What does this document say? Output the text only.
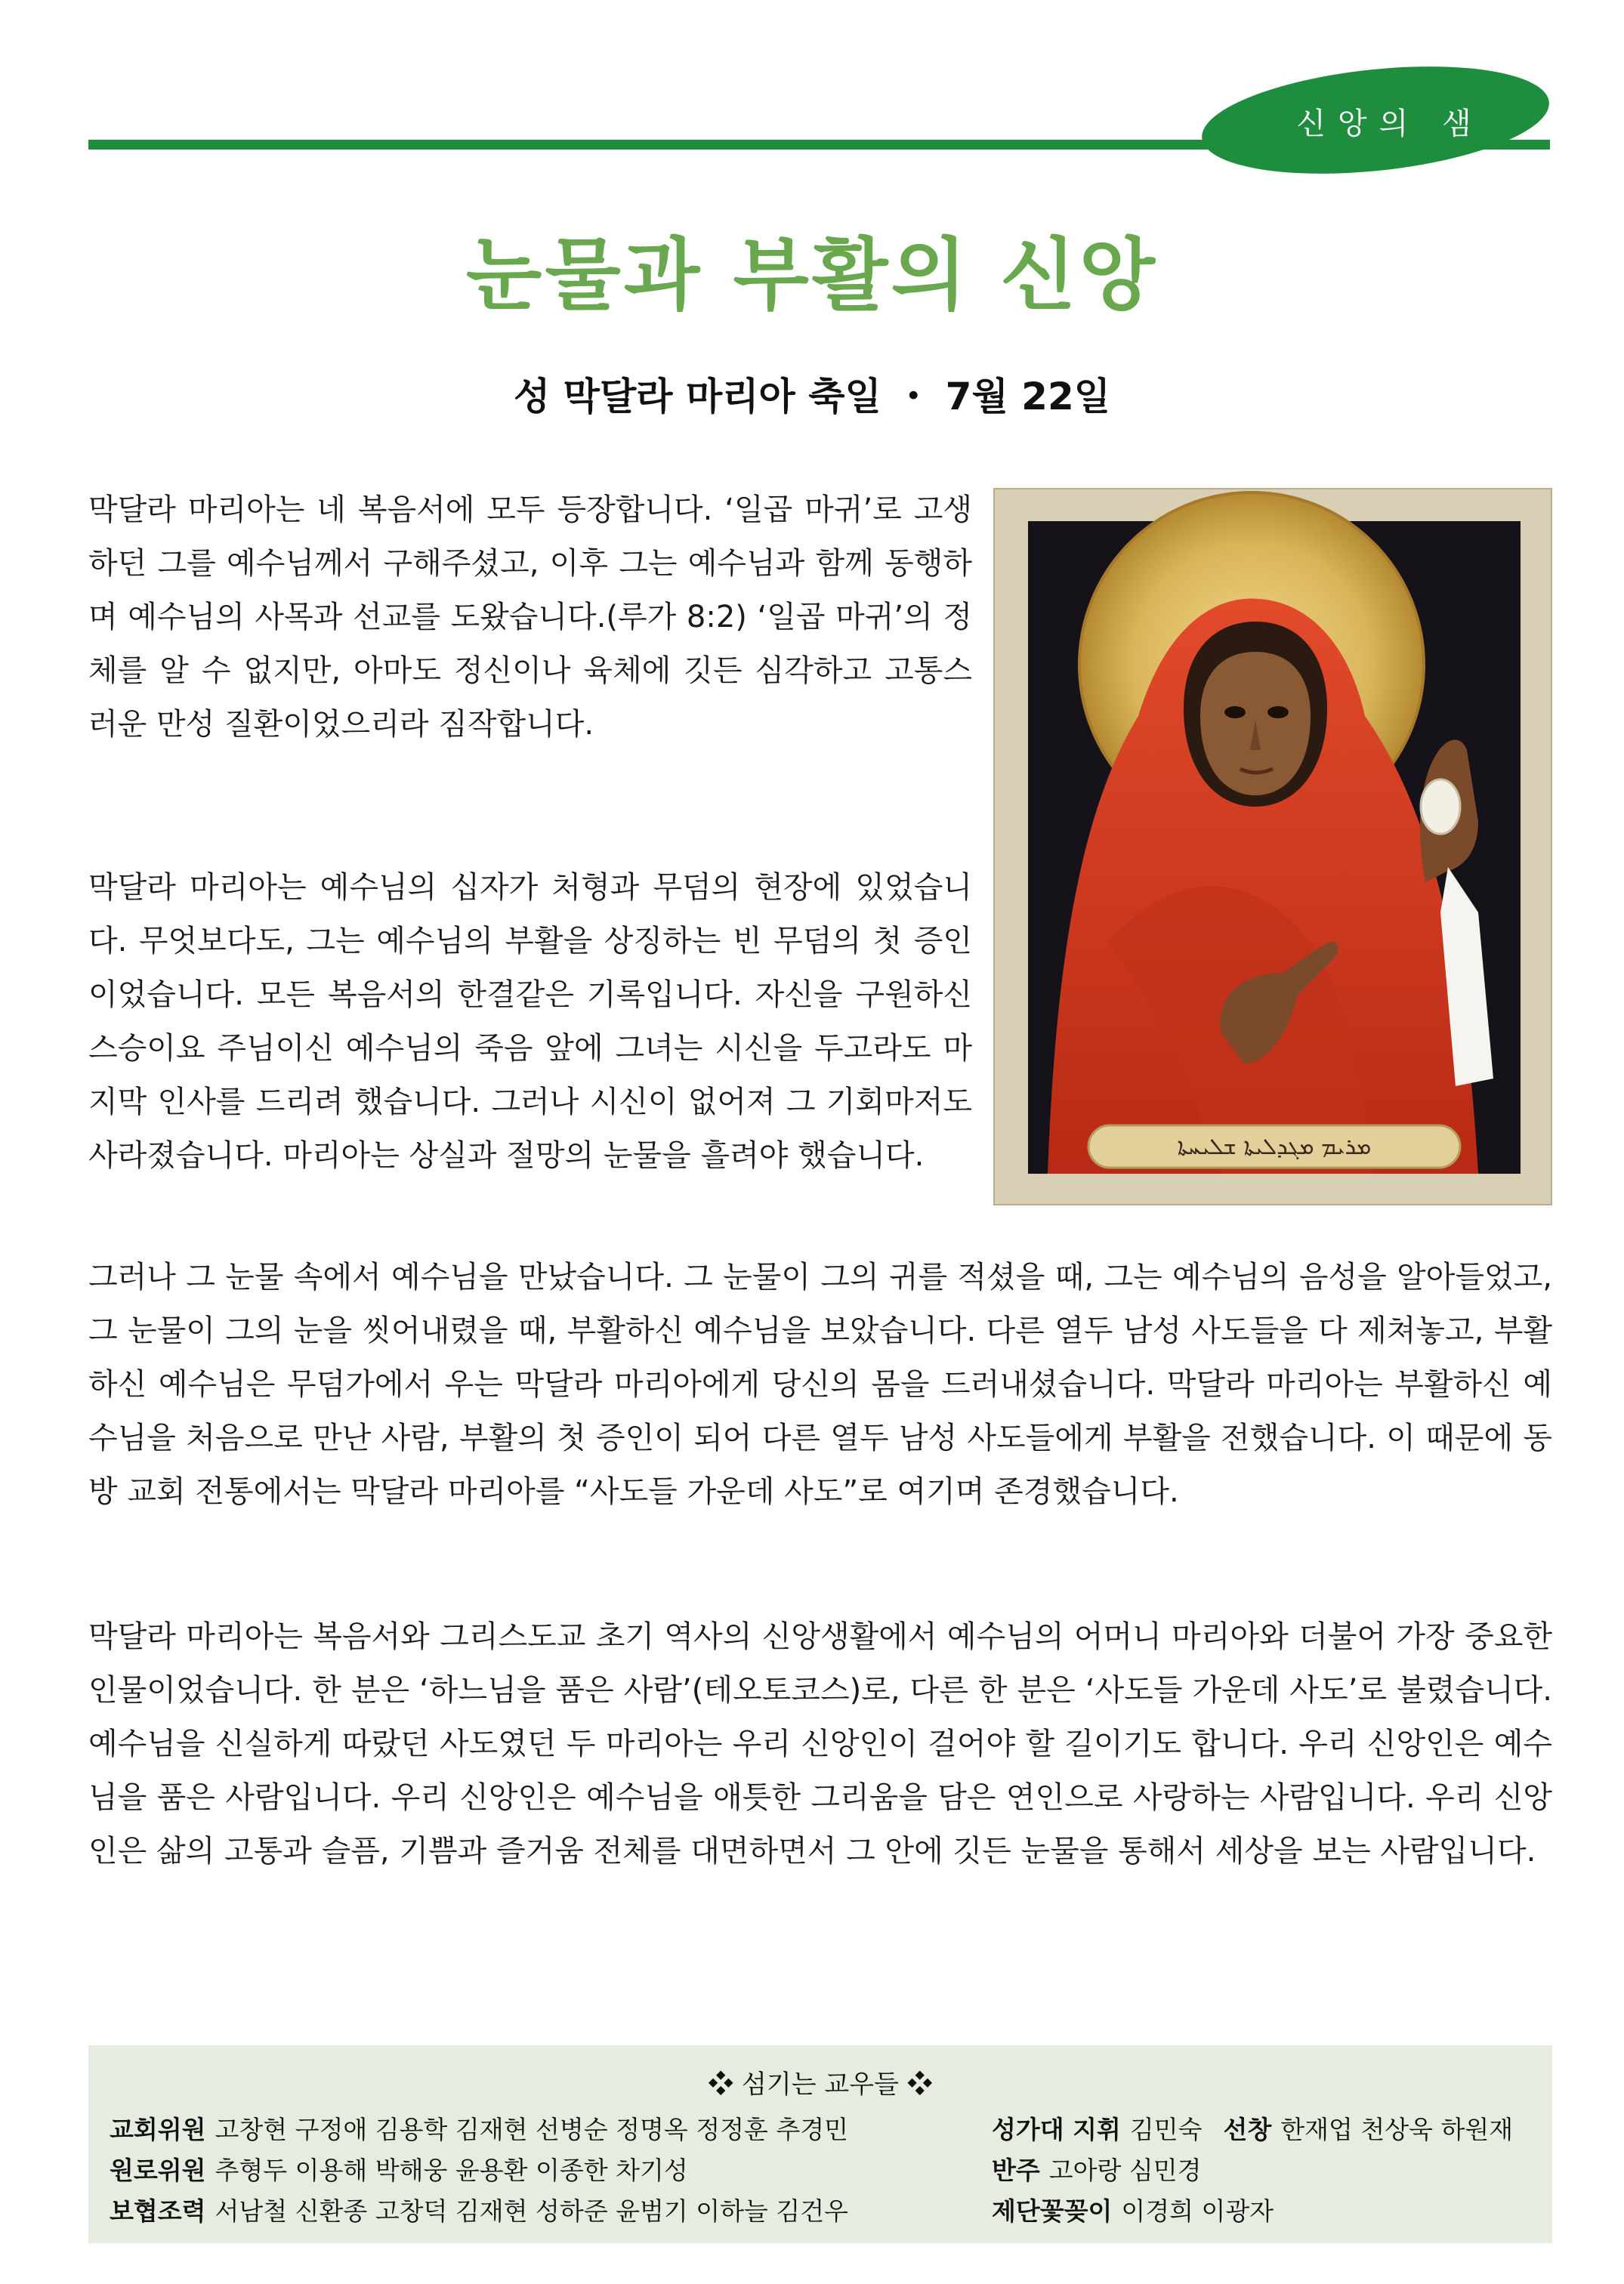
신앙의 샘
눈물과 부활의 신앙
성 막달라 마리아 축일 ・ 7월 22일

막달라 마리아는 네 복음서에 모두 등장합니다. ‘일곱 마귀’로 고생하던 그를 예수님께서 구해주셨고, 이후 그는 예수님과 함께 동행하며 예수님의 사목과 선교를 도왔습니다.(루가 8:2) ‘일곱 마귀’의 정체를 알 수 없지만, 아마도 정신이나 육체에 깃든 심각하고 고통스러운 만성 질환이었으리라 짐작합니다.

막달라 마리아는 예수님의 십자가 처형과 무덤의 현장에 있었습니다. 무엇보다도, 그는 예수님의 부활을 상징하는 빈 무덤의 첫 증인이었습니다. 모든 복음서의 한결같은 기록입니다. 자신을 구원하신 스승이요 주님이신 예수님의 죽음 앞에 그녀는 시신을 두고라도 마지막 인사를 드리려 했습니다. 그러나 시신이 없어져 그 기회마저도 사라졌습니다. 마리아는 상실과 절망의 눈물을 흘려야 했습니다.

그러나 그 눈물 속에서 예수님을 만났습니다. 그 눈물이 그의 귀를 적셨을 때, 그는 예수님의 음성을 알아들었고, 그 눈물이 그의 눈을 씻어내렸을 때, 부활하신 예수님을 보았습니다. 다른 열두 남성 사도들을 다 제쳐놓고, 부활하신 예수님은 무덤가에서 우는 막달라 마리아에게 당신의 몸을 드러내셨습니다. 막달라 마리아는 부활하신 예수님을 처음으로 만난 사람, 부활의 첫 증인이 되어 다른 열두 남성 사도들에게 부활을 전했습니다. 이 때문에 동방 교회 전통에서는 막달라 마리아를 “사도들 가운데 사도”로 여기며 존경했습니다.

막달라 마리아는 복음서와 그리스도교 초기 역사의 신앙생활에서 예수님의 어머니 마리아와 더불어 가장 중요한 인물이었습니다. 한 분은 ‘하느님을 품은 사람’(테오토코스)로, 다른 한 분은 ‘사도들 가운데 사도’로 불렸습니다. 예수님을 신실하게 따랐던 사도였던 두 마리아는 우리 신앙인이 걸어야 할 길이기도 합니다. 우리 신앙인은 예수님을 품은 사람입니다. 우리 신앙인은 예수님을 애틋한 그리움을 담은 연인으로 사랑하는 사람입니다. 우리 신앙인은 삶의 고통과 슬픔, 기쁨과 즐거움 전체를 대면하면서 그 안에 깃든 눈물을 통해서 세상을 보는 사람입니다.

ܡܪܝܡ ܡܓܕܠܝܬܐ ܫܠܝܚܬܐ
❖ 섬기는 교우들 ❖
교회위원 고창현 구정애 김용학 김재현 선병순 정명옥 정정훈 추경민
원로위원 추형두 이용해 박해웅 윤용환 이종한 차기성
보협조력 서남철 신환종 고창덕 김재현 성하준 윤범기 이하늘 김건우
성가대 지휘 김민숙 선창 한재업 천상욱 하원재
반주 고아랑 심민경
제단꽃꽂이 이경희 이광자
